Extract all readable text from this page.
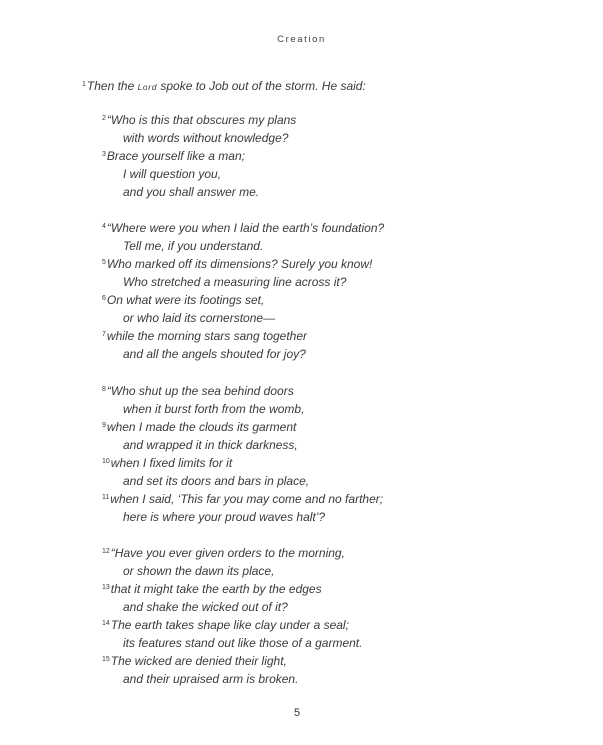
Creation
$^1$Then the Lord spoke to Job out of the storm. He said:
$^2$“Who is this that obscures my plans
with words without knowledge?
$^3$Brace yourself like a man;
I will question you,
and you shall answer me.
$^4$“Where were you when I laid the earth’s foundation?
Tell me, if you understand.
$^5$Who marked off its dimensions? Surely you know!
Who stretched a measuring line across it?
$^6$On what were its footings set,
or who laid its cornerstone—
$^7$while the morning stars sang together
and all the angels shouted for joy?
$^8$“Who shut up the sea behind doors
when it burst forth from the womb,
$^9$when I made the clouds its garment
and wrapped it in thick darkness,
$^{10}$when I fixed limits for it
and set its doors and bars in place,
$^{11}$when I said, ‘This far you may come and no farther;
here is where your proud waves halt’?
$^{12}$“Have you ever given orders to the morning,
or shown the dawn its place,
$^{13}$that it might take the earth by the edges
and shake the wicked out of it?
$^{14}$The earth takes shape like clay under a seal;
its features stand out like those of a garment.
$^{15}$The wicked are denied their light,
and their upraised arm is broken.
5
